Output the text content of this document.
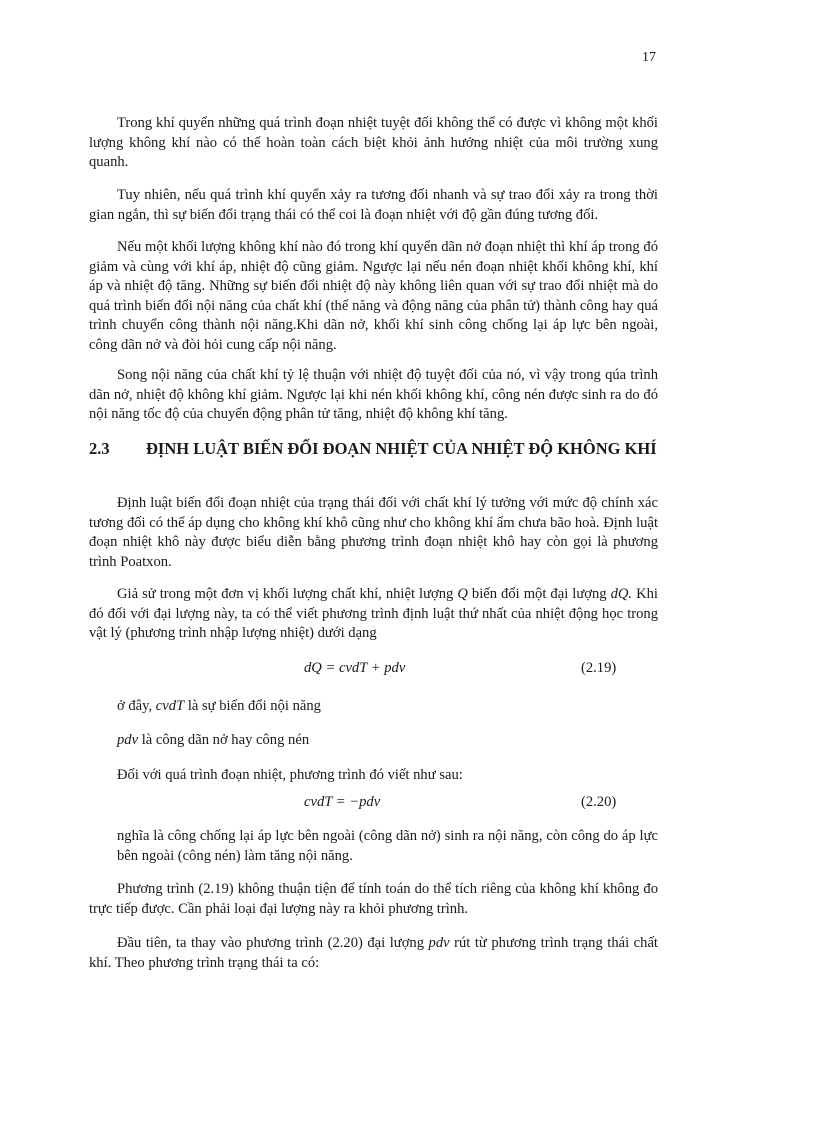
17

Trong khí quyển những quá trình đoạn nhiệt tuyệt đối không thể có được vì không một khối lượng không khí nào có thể hoàn toàn cách biệt khỏi ảnh hưởng nhiệt của môi trường xung quanh.

Tuy nhiên, nếu quá trình khí quyển xảy ra tương đối nhanh và sự trao đổi xảy ra trong thời gian ngắn, thì sự biến đổi trạng thái có thể coi là đoạn nhiệt với độ gần đúng tương đối.

Nếu một khối lượng không khí nào đó trong khí quyển dãn nở đoạn nhiệt thì khí áp trong đó giảm và cùng với khí áp, nhiệt độ cũng giảm. Ngược lại nếu nén đoạn nhiệt khối không khí, khí áp và nhiệt độ tăng. Những sự biến đổi nhiệt độ này không liên quan với sự trao đổi nhiệt mà do quá trình biến đổi nội năng của chất khí (thế năng và động năng của phân tử) thành công hay quá trình chuyển công thành nội năng.Khi dãn nở, khối khí sinh công chống lại áp lực bên ngoài, công dãn nở và đòi hỏi cung cấp nội năng.

Song nội năng của chất khí tỷ lệ thuận với nhiệt độ tuyệt đối của nó, vì vậy trong qúa trình dãn nở, nhiệt độ không khí giảm. Ngược lại khi nén khối không khí, công nén được sinh ra do đó nội năng tốc độ của chuyển động phân tử tăng, nhiệt độ không khí tăng.

2.3 ĐỊNH LUẬT BIẾN ĐỔI ĐOẠN NHIỆT CỦA NHIỆT ĐỘ KHÔNG KHÍ

Định luật biến đổi đoạn nhiệt của trạng thái đối với chất khí lý tưởng với mức độ chính xác tương đối có thể áp dụng cho không khí khô cũng như cho không khí ẩm chưa bão hoà. Định luật đoạn nhiệt khô này được biểu diễn bằng phương trình đoạn nhiệt khô hay còn gọi là phương trình Poatxon.

Giả sử trong một đơn vị khối lượng chất khí, nhiệt lượng Q biến đổi một đại lượng dQ. Khi đó đối với đại lượng này, ta có thể viết phương trình định luật thứ nhất của nhiệt động học trong vật lý (phương trình nhập lượng nhiệt) dưới dạng

dQ = cvdT + pdv	(2.19)
ở đây, cvdT là sự biến đổi nội năng
pdv là công dãn nở hay công nén
Đối với quá trình đoạn nhiệt, phương trình đó viết như sau:
cvdT = −pdv	(2.20)

nghĩa là công chống lại áp lực bên ngoài (công dãn nở) sinh ra nội năng, còn công do áp lực bên ngoài (công nén) làm tăng nội năng.

Phương trình (2.19) không thuận tiện để tính toán do thể tích riêng của không khí không đo trực tiếp được. Cần phải loại đại lượng này ra khỏi phương trình.

Đầu tiên, ta thay vào phương trình (2.20) đại lượng pdv rút từ phương trình trạng thái chất khí. Theo phương trình trạng thái ta có:
